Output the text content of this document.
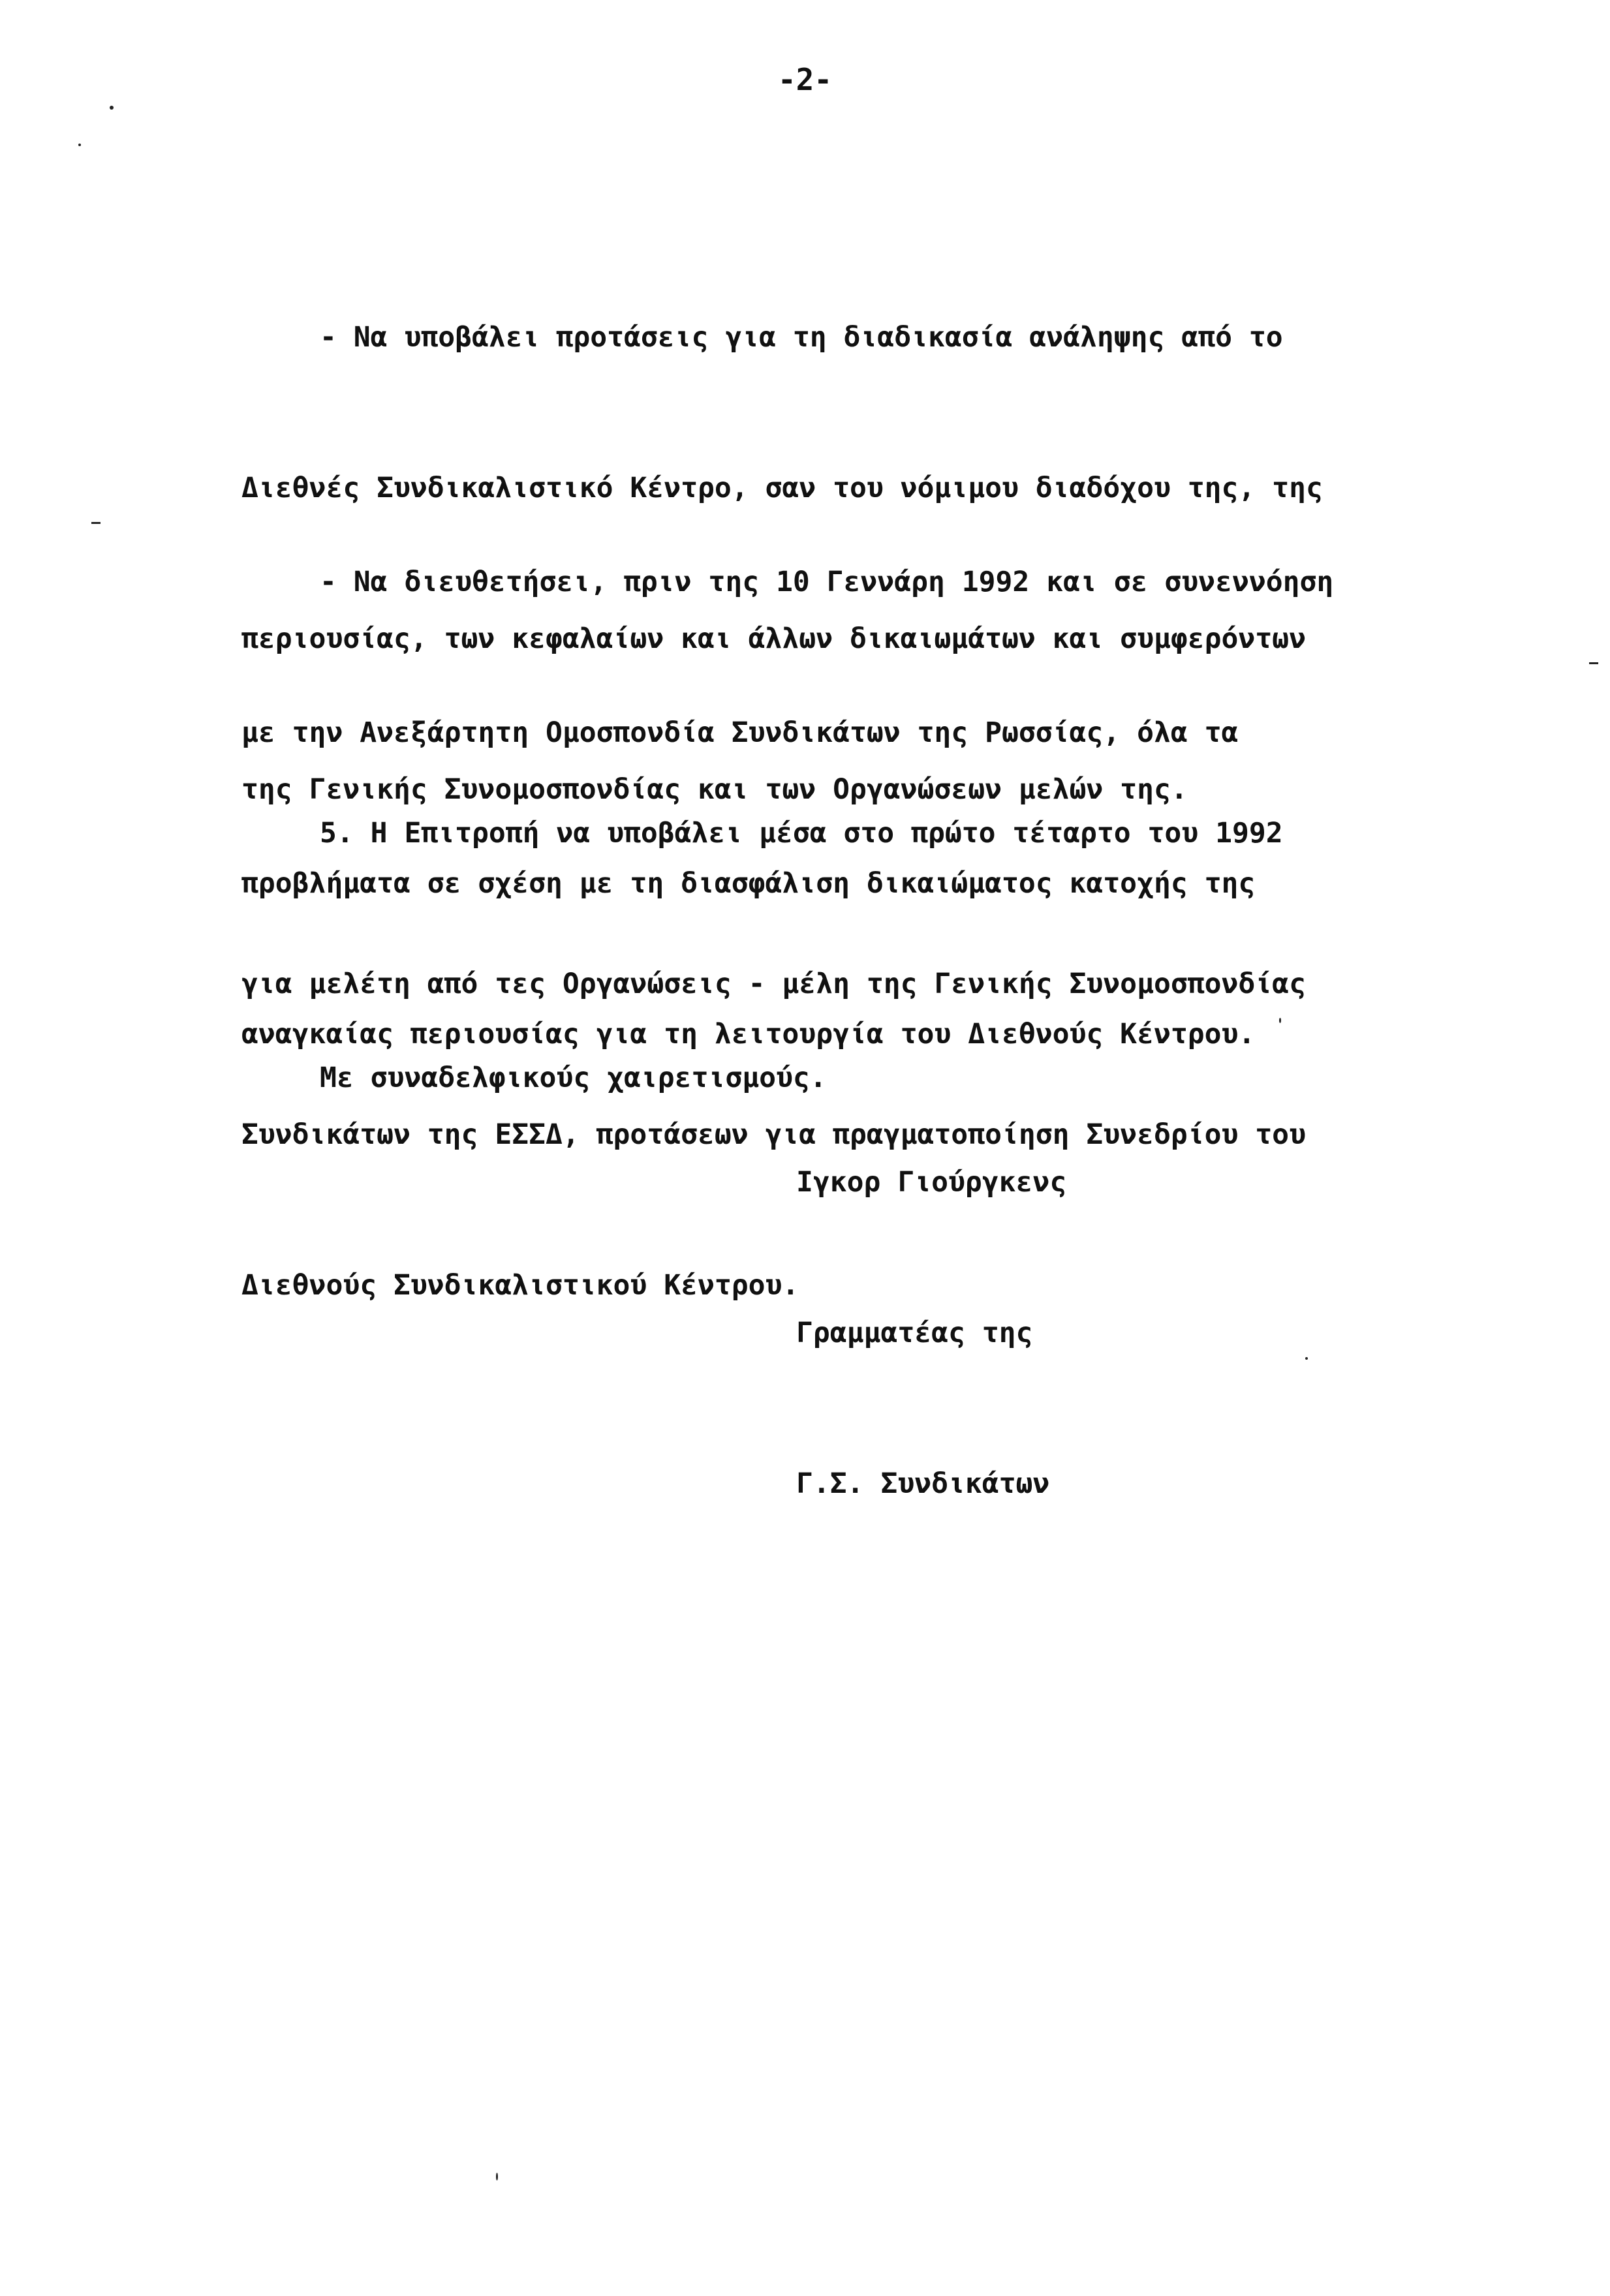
-2-

- Να υποβάλει προτάσεις για τη διαδικασία ανάληψης από το

Διεθνές Συνδικαλιστικό Κέντρο, σαν του νόμιμου διαδόχου της, της

περιουσίας, των κεφαλαίων και άλλων δικαιωμάτων και συμφερόντων

της Γενικής Συνομοσπονδίας και των Οργανώσεων μελών της.

- Να διευθετήσει, πριν της 10 Γεννάρη 1992 και σε συνεννόηση

με την Ανεξάρτητη Ομοσπονδία Συνδικάτων της Ρωσσίας, όλα τα

προβλήματα σε σχέση με τη διασφάλιση δικαιώματος κατοχής της

αναγκαίας περιουσίας για τη λειτουργία του Διεθνούς Κέντρου.

5. Η Επιτροπή να υποβάλει μέσα στο πρώτο τέταρτο του 1992

για μελέτη από τες Οργανώσεις - μέλη της Γενικής Συνομοσπονδίας

Συνδικάτων της ΕΣΣΔ, προτάσεων για πραγματοποίηση Συνεδρίου του

Διεθνούς Συνδικαλιστικού Κέντρου.

Με συναδελφικούς χαιρετισμούς.

Ιγκορ Γιούργκενς

Γραμματέας της

Γ.Σ. Συνδικάτων
